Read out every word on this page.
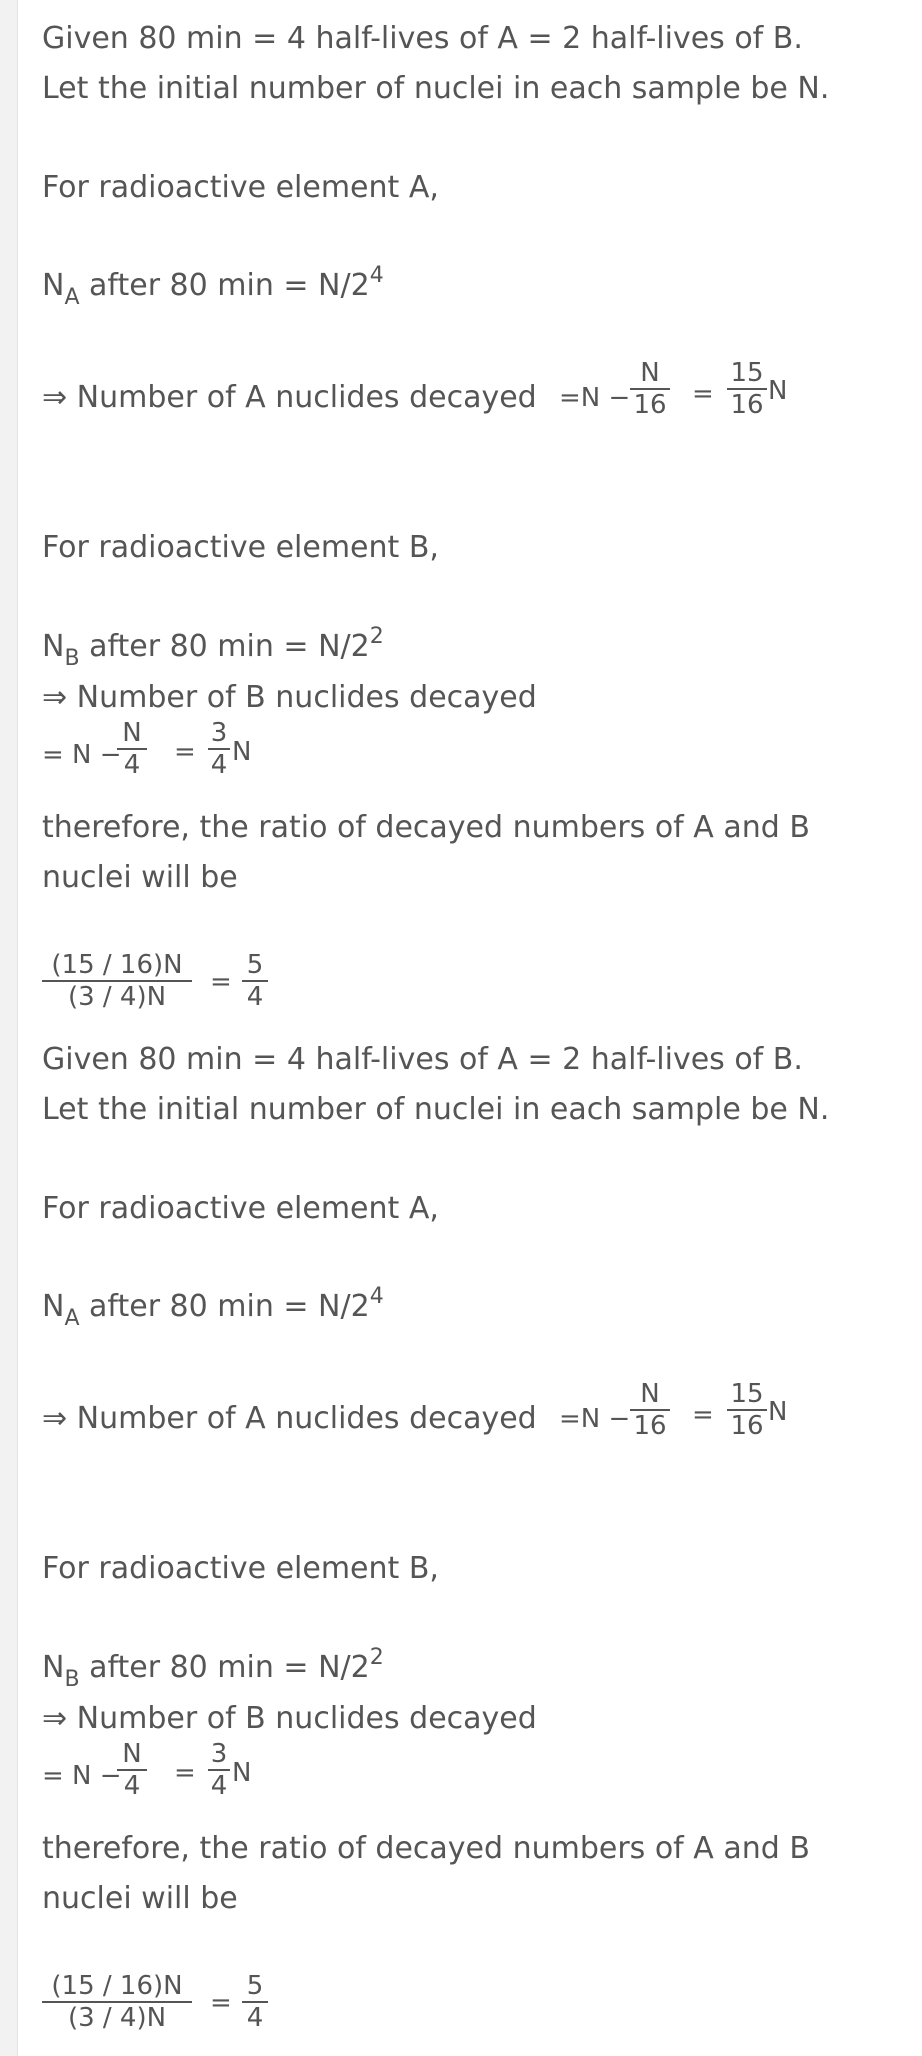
Given 80 min = 4 half-lives of A = 2 half-lives of B.
Let the initial number of nuclei in each sample be N.
For radioactive element A,
$N_A$ after 80 $\min = N/2^4$
⇒ Number of A nuclides decayed =N −
N
16 =
15
16 N
For radioactive element B,
$N_B$ after 80 $\min = N/2^2$
⇒ Number of B nuclides decayed
= N −
N
4 =
3
4 N
therefore, the ratio of decayed numbers of A and B
nuclei will be
(15 / 16)N
(3 / 4)N	=
5
4
Given 80 min = 4 half-lives of A = 2 half-lives of B.
Let the initial number of nuclei in each sample be N.
For radioactive element A,
$N_A$ after 80 $\min = N/2^4$
⇒ Number of A nuclides decayed =N −
N
16 =
15
16 N
For radioactive element B,
$N_B$ after 80 $\min = N/2^2$
⇒ Number of B nuclides decayed
= N −
N
4 =
3
4 N
therefore, the ratio of decayed numbers of A and B
nuclei will be
(15 / 16)N
(3 / 4)N	=
5
4
